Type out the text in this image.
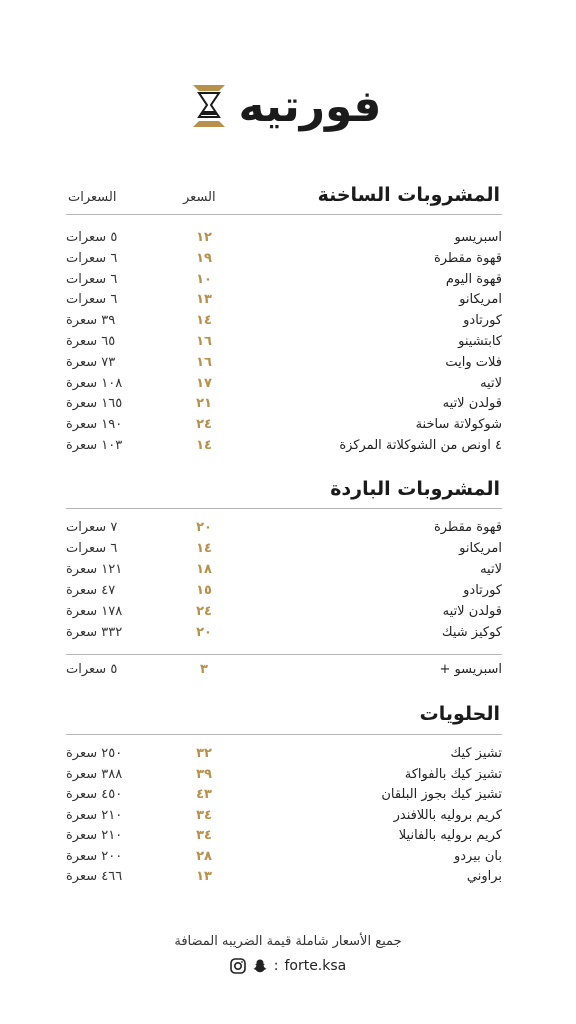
فورتيه
المشروبات الساخنة
السعر
السعرات
اسبريسو
١٢
٥ سعرات
قهوة مقطرة
١٩
٦ سعرات
قهوة اليوم
١٠
٦ سعرات
امريكانو
١٣
٦ سعرات
كورتادو
١٤
٣٩ سعرة
كابتشينو
١٦
٦٥ سعرة
فلات وايت
١٦
٧٣ سعرة
لاتيه
١٧
١٠٨ سعرة
قولدن لاتيه
٢١
١٦٥ سعرة
شوكولاتة ساخنة
٢٤
١٩٠ سعرة
٤ اونص من الشوكلاتة المركزة
١٤
١٠٣ سعرة
المشروبات الباردة
قهوة مقطرة
٢٠
٧ سعرات
امريكانو
١٤
٦ سعرات
لاتيه
١٨
١٢١ سعرة
كورتادو
١٥
٤٧ سعرة
قولدن لاتيه
٢٤
١٧٨ سعرة
كوكيز شيك
٢٠
٣٣٢ سعرة
اسبريسو +
٣
٥ سعرات
الحلويات
تشيز كيك
٣٢
٢٥٠ سعرة
تشيز كيك بالفواكة
٣٩
٣٨٨ سعرة
تشيز كيك بجوز البلقان
٤٣
٤٥٠ سعرة
كريم بروليه باللافندر
٣٤
٢١٠ سعرة
كريم بروليه بالفانيلا
٣٤
٢١٠ سعرة
بان بيردو
٢٨
٢٠٠ سعرة
براوني
١٣
٤٦٦ سعرة
جميع الأسعار شاملة قيمة الضريبه المضافة
: forte.ksa
